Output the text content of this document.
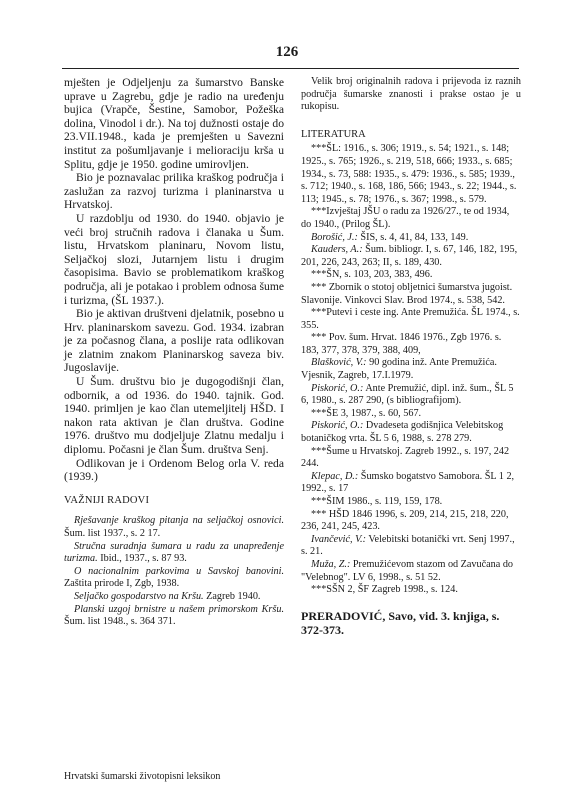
126

mješten je Odjeljenju za šumarstvo Banske uprave u Zagrebu, gdje je radio na uređenju bujica (Vrapče, Šestine, Samobor, Požeška dolina, Vinodol i dr.). Na toj dužnosti ostaje do 23.VII.1948., kada je premješten u Savezni institut za pošumljavanje i melioraciju krša u Splitu, gdje je 1950. godine umirovljen.

Bio je poznavalac prilika kraškog područja i zaslužan za razvoj turizma i planinarstva u Hrvatskoj.

U razdoblju od 1930. do 1940. objavio je veći broj stručnih radova i članaka u Šum. listu, Hrvatskom planinaru, Novom listu, Seljačkoj slozi, Jutarnjem listu i drugim časopisima. Bavio se problematikom kraškog područja, ali je potakao i problem odnosa šume i turizma, (ŠL 1937.).

Bio je aktivan društveni djelatnik, posebno u Hrv. planinarskom savezu. God. 1934. izabran je za počasnog člana, a poslije rata odlikovan je zlatnim znakom Planinarskog saveza biv. Jugoslavije.

U Šum. društvu bio je dugogodišnji član, odbornik, a od 1936. do 1940. tajnik. God. 1940. primljen je kao član utemeljitelj HŠD. I nakon rata aktivan je član društva. Godine 1976. društvo mu dodjeljuje Zlatnu medalju i diplomu. Počasni je član Šum. društva Senj.

Odlikovan je i Ordenom Belog orla V. reda (1939.)

VAŽNIJI RADOVI

Rješavanje kraškog pitanja na seljačkoj osnovici. Šum. list 1937., s. 2 17.

Stručna suradnja šumara u radu za unapređenje turizma. Ibid., 1937., s. 87 93.

O nacionalnim parkovima u Savskoj banovini. Zaštita prirode I, Zgb, 1938.

Seljačko gospodarstvo na Kršu. Zagreb 1940.

Planski uzgoj brnistre u našem primorskom Kršu. Šum. list 1948., s. 364 371.

Velik broj originalnih radova i prijevoda iz raznih područja šumarske znanosti i prakse ostao je u rukopisu.

LITERATURA

***ŠL: 1916., s. 306; 1919., s. 54; 1921., s. 148; 1925., s. 765; 1926., s. 219, 518, 666; 1933., s. 685; 1934., s. 73, 588: 1935., s. 479: 1936., s. 585; 1939., s. 712; 1940., s. 168, 186, 566; 1943., s. 22; 1944., s. 113; 1945., s. 78; 1976., s. 367; 1998., s. 579.

***Izvještaj JŠU o radu za 1926/27., te od 1934, do 1940., (Prilog ŠL).

Borošić, J.: ŠIS, s. 4, 41, 84, 133, 149.

Kauders, A.: Šum. bibliogr. I, s. 67, 146, 182, 195, 201, 226, 243, 263; II, s. 189, 430.

***ŠN, s. 103, 203, 383, 496.

*** Zbornik o stotoj obljetnici šumarstva jugoist. Slavonije. Vinkovci Slav. Brod 1974., s. 538, 542.

***Putevi i ceste ing. Ante Premužića. ŠL 1974., s. 355.

*** Pov. šum. Hrvat. 1846 1976., Zgb 1976. s. 183, 377, 378, 379, 388, 409,

Blašković, V.: 90 godina inž. Ante Premužića. Vjesnik, Zagreb, 17.I.1979.

Piskorić, O.: Ante Premužić, dipl. inž. šum., ŠL 5 6, 1980., s. 287 290, (s bibliografijom).

***ŠE 3, 1987., s. 60, 567.

Piskorić, O.: Dvadeseta godišnjica Velebitskog botaničkog vrta. ŠL 5 6, 1988, s. 278 279.

***Šume u Hrvatskoj. Zagreb 1992., s. 197, 242 244.

Klepac, D.: Šumsko bogatstvo Samobora. ŠL 1 2, 1992., s. 17

***ŠIM 1986., s. 119, 159, 178.

*** HŠD 1846 1996, s. 209, 214, 215, 218, 220, 236, 241, 245, 423.

Ivančević, V.: Velebitski botanički vrt. Senj 1997., s. 21.

Muža, Z.: Premužićevom stazom od Zavučana do "Velebnog". LV 6, 1998., s. 51 52.

***SŠN 2, ŠF Zagreb 1998., s. 124.

PRERADOVIĆ, Savo, vid. 3. knjiga, s. 372-373.
Hrvatski šumarski životopisni leksikon
